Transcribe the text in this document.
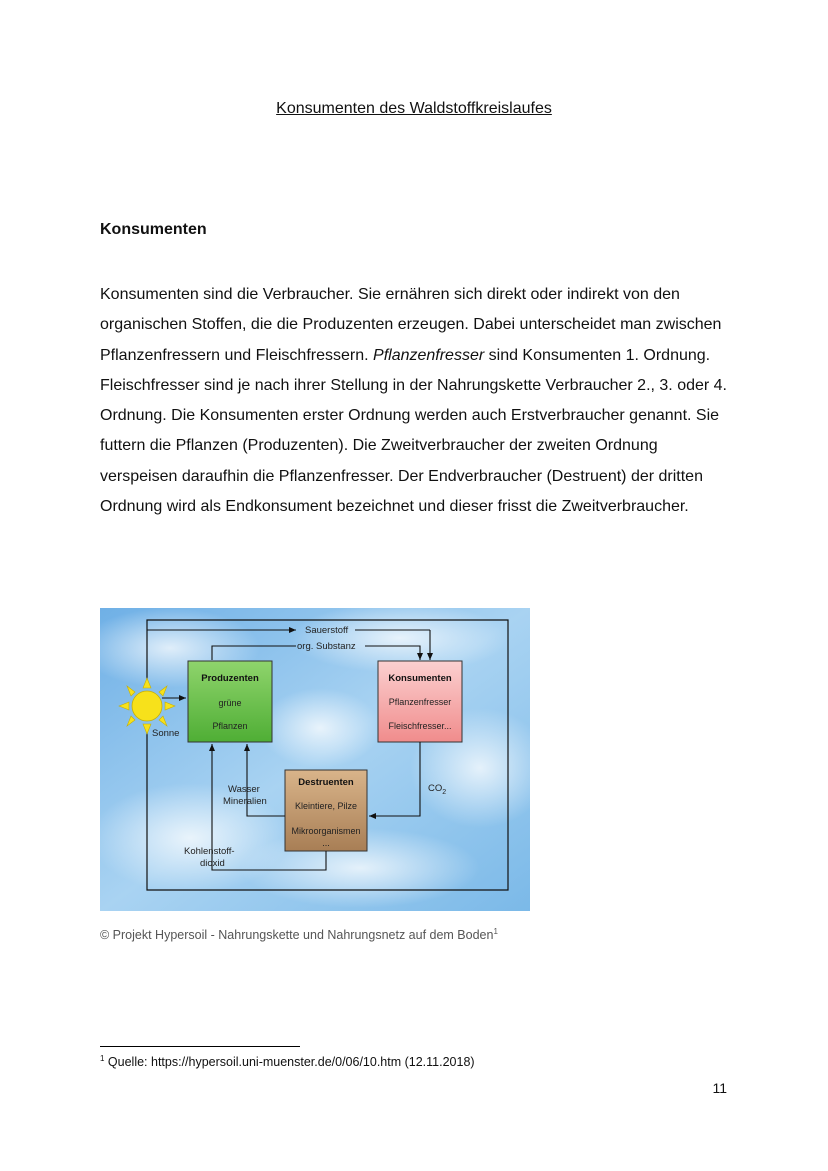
Konsumenten des Waldstoffkreislaufes
Konsumenten

Konsumenten sind die Verbraucher. Sie ernähren sich direkt oder indirekt von den organischen Stoffen, die die Produzenten erzeugen. Dabei unterscheidet man zwischen Pflanzenfressern und Fleischfressern. Pflanzenfresser sind Konsumenten 1. Ordnung. Fleischfresser sind je nach ihrer Stellung in der Nahrungskette Verbraucher 2., 3. oder 4. Ordnung. Die Konsumenten erster Ordnung werden auch Erstverbraucher genannt. Sie futtern die Pflanzen (Produzenten). Die Zweitverbraucher der zweiten Ordnung verspeisen daraufhin die Pflanzenfresser. Der Endverbraucher (Destruent) der dritten Ordnung wird als Endkonsument bezeichnet und dieser frisst die Zweitverbraucher.

Sauerstoff
org. Substanz
Sonne
Produzenten
grüne
Pflanzen
Konsumenten
Pflanzenfresser
Fleischfresser...
Destruenten
Kleintiere, Pilze
Mikroorganismen
...
Wasser
Mineralien
$CO_2$
Kohlenstoff-
dioxid
© Projekt Hypersoil - Nahrungskette und Nahrungsnetz auf dem Boden$^1$
$^1$ Quelle: https://hypersoil.uni-muenster.de/0/06/10.htm (12.11.2018)
11
